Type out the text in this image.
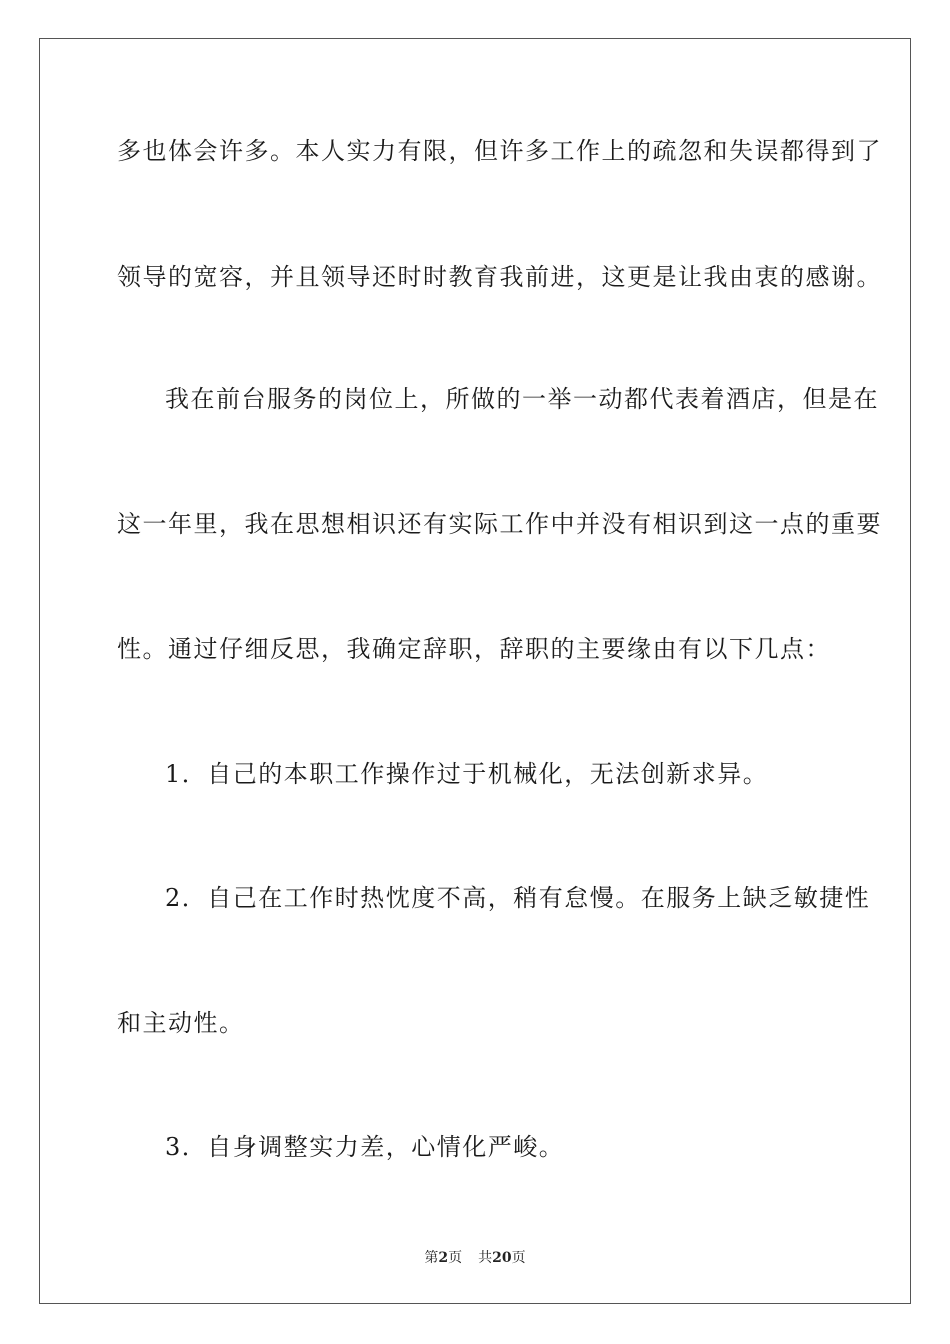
多也体会许多。本人实力有限，但许多工作上的疏忽和失误都得到了
领导的宽容，并且领导还时时教育我前进，这更是让我由衷的感谢。
我在前台服务的岗位上，所做的一举一动都代表着酒店，但是在
这一年里，我在思想相识还有实际工作中并没有相识到这一点的重要
性。通过仔细反思，我确定辞职，辞职的主要缘由有以下几点：
1．自己的本职工作操作过于机械化，无法创新求异。
2．自己在工作时热忱度不高，稍有怠慢。在服务上缺乏敏捷性
和主动性。
3．自身调整实力差，心情化严峻。
第2页 共20页
